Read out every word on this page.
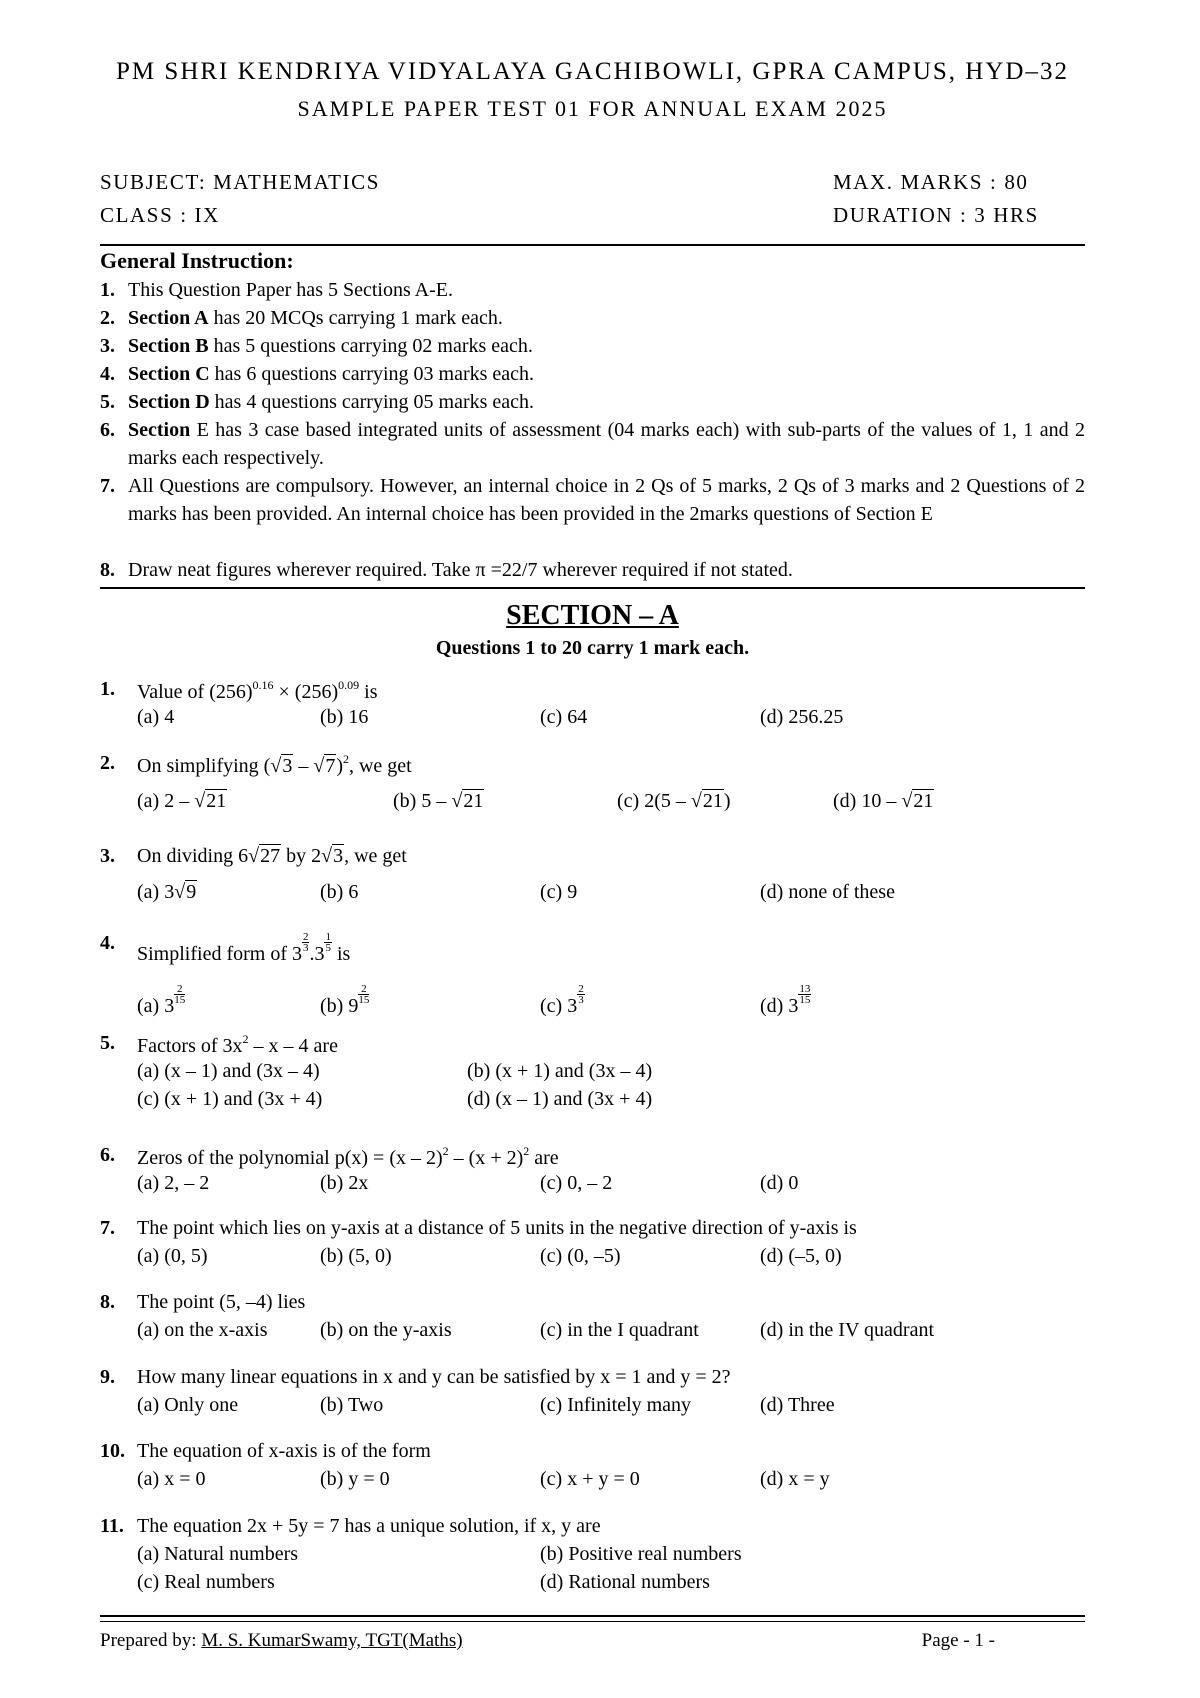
PM SHRI KENDRIYA VIDYALAYA GACHIBOWLI, GPRA CAMPUS, HYD–32
SAMPLE PAPER TEST 01 FOR ANNUAL EXAM 2025
SUBJECT: MATHEMATICS
CLASS : IX
MAX. MARKS : 80
DURATION : 3 HRS
General Instruction:
1. This Question Paper has 5 Sections A-E.
2. Section A has 20 MCQs carrying 1 mark each.
3. Section B has 5 questions carrying 02 marks each.
4. Section C has 6 questions carrying 03 marks each.
5. Section D has 4 questions carrying 05 marks each.
6. Section E has 3 case based integrated units of assessment (04 marks each) with sub-parts of the values of 1, 1 and 2 marks each respectively.
7. All Questions are compulsory. However, an internal choice in 2 Qs of 5 marks, 2 Qs of 3 marks and 2 Questions of 2 marks has been provided. An internal choice has been provided in the 2marks questions of Section E
8. Draw neat figures wherever required. Take π =22/7 wherever required if not stated.
SECTION – A
Questions 1 to 20 carry 1 mark each.
1. Value of $(256)^{0.16} \times (256)^{0.09}$ is
(a) 4	(b) 16	(c) 64	(d) 256.25
2. On simplifying (√3 – √7)$^2$, we get
(a) 2 – √21	(b) 5 – √21	(c) 2(5 – √21)	(d) 10 – √21
3. On dividing 6√27 by 2√3, we get
(a) 3√9	(b) 6	(c) 9	(d) none of these
4. Simplified form of 3
$\frac{2}{3}$
.3
$\frac{1}{5}$
is
(a) 3
$\frac{2}{15}$
(b) 9
$\frac{2}{15}$
(c) 3
$\frac{2}{3}$
(d) 3
$\frac{13}{15}$
5. Factors of $3x^2$ – x – 4 are
(a) (x – 1) and (3x – 4)	(b) (x + 1) and (3x – 4)
(c) (x + 1) and (3x + 4)	(d) (x – 1) and (3x + 4)
6. Zeros of the polynomial $p(x) = (x - 2)^2 - (x + 2)^2$ are
(a) 2, – 2	(b) 2x	(c) 0, – 2	(d) 0
7. The point which lies on y-axis at a distance of 5 units in the negative direction of y-axis is
(a) (0, 5)	(b) (5, 0)	(c) (0, –5)	(d) (–5, 0)
8. The point (5, –4) lies
(a) on the x-axis	(b) on the y-axis	(c) in the I quadrant	(d) in the IV quadrant
9. How many linear equations in x and y can be satisfied by x = 1 and y = 2?
(a) Only one	(b) Two	(c) Infinitely many	(d) Three
10. The equation of x-axis is of the form
(a) x = 0	(b) y = 0	(c) x + y = 0	(d) x = y
11. The equation 2x + 5y = 7 has a unique solution, if x, y are
(a) Natural numbers	(b) Positive real numbers
(c) Real numbers	(d) Rational numbers
Prepared by: M. S. KumarSwamy, TGT(Maths)	Page - 1 -
